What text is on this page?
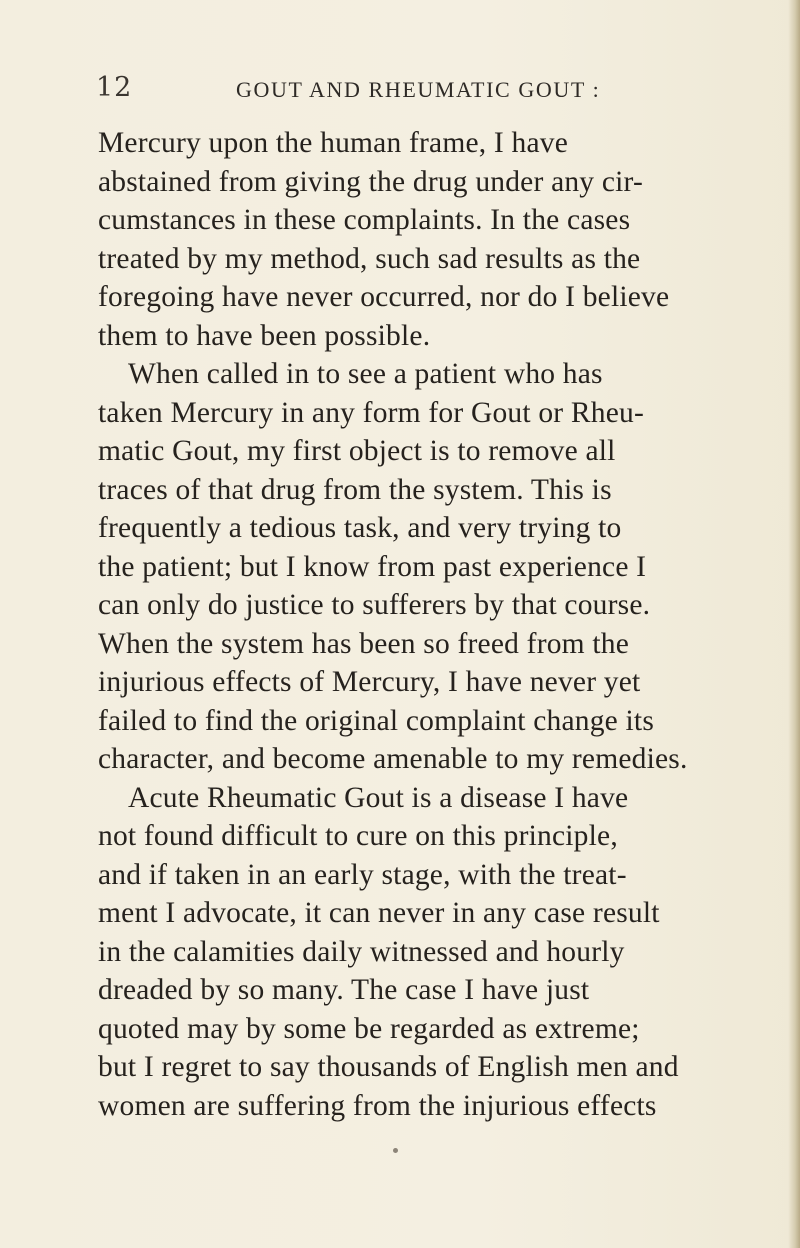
12	GOUT AND RHEUMATIC GOUT :
Mercury upon the human frame, I have
abstained from giving the drug under any cir-
cumstances in these complaints. In the cases
treated by my method, such sad results as the
foregoing have never occurred, nor do I believe
them to have been possible.
When called in to see a patient who has
taken Mercury in any form for Gout or Rheu-
matic Gout, my first object is to remove all
traces of that drug from the system. This is
frequently a tedious task, and very trying to
the patient; but I know from past experience I
can only do justice to sufferers by that course.
When the system has been so freed from the
injurious effects of Mercury, I have never yet
failed to find the original complaint change its
character, and become amenable to my remedies.
Acute Rheumatic Gout is a disease I have
not found difficult to cure on this principle,
and if taken in an early stage, with the treat-
ment I advocate, it can never in any case result
in the calamities daily witnessed and hourly
dreaded by so many. The case I have just
quoted may by some be regarded as extreme;
but I regret to say thousands of English men and
women are suffering from the injurious effects
